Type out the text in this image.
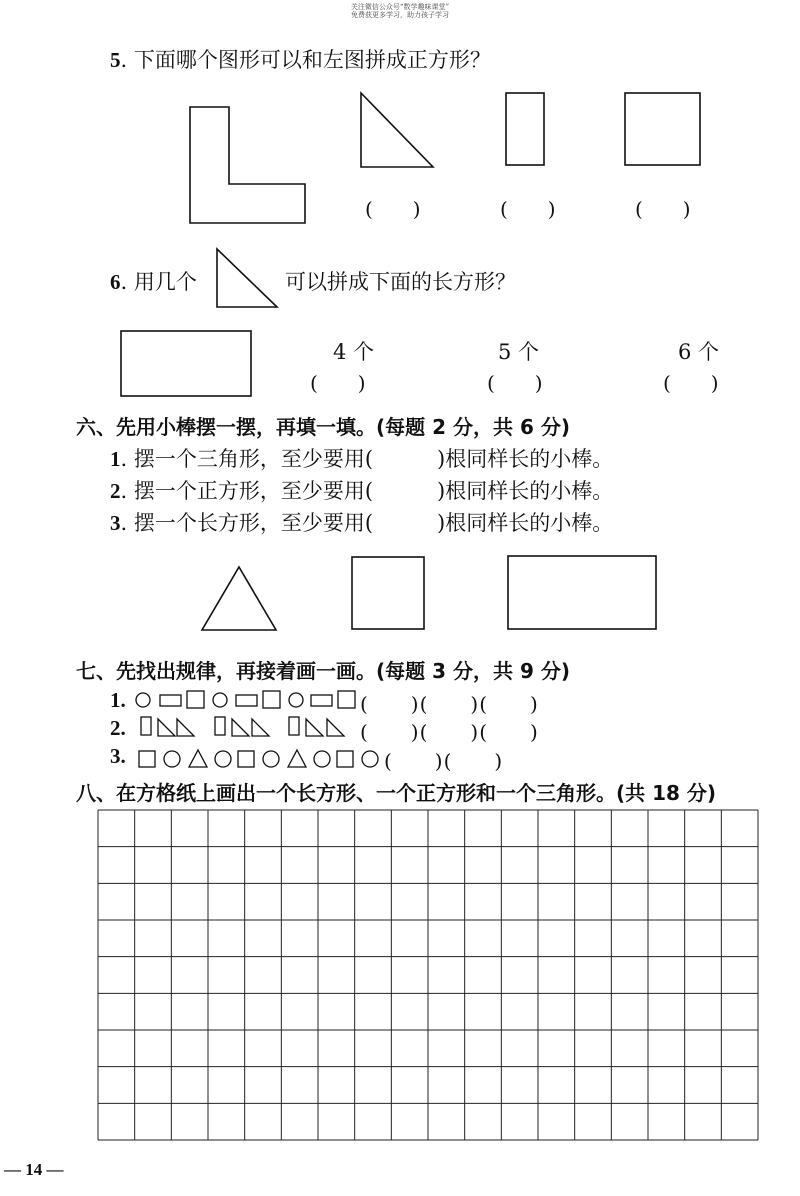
关注微信公众号“数学趣味课堂”
免费获更多学习，助力孩子学习
5. 下面哪个图形可以和左图拼成正方形？
(　　)	(　　)	(　　)
6. 用几个	可以拼成下面的长方形？
4 个	5 个	6 个
(　　)	(　　)	(　　)
六、先用小棒摆一摆，再填一填。(每题 2 分，共 6 分)
1. 摆一个三角形，至少要用(	)根同样长的小棒。
2. 摆一个正方形，至少要用(	)根同样长的小棒。
3. 摆一个长方形，至少要用(	)根同样长的小棒。
七、先找出规律，再接着画一画。(每题 3 分，共 9 分)
1.
2.
3.
(　　)(　　)(　　)
(　　)(　　)(　　)
(　　)(　　)
八、在方格纸上画出一个长方形、一个正方形和一个三角形。(共 18 分)
— 14 —
